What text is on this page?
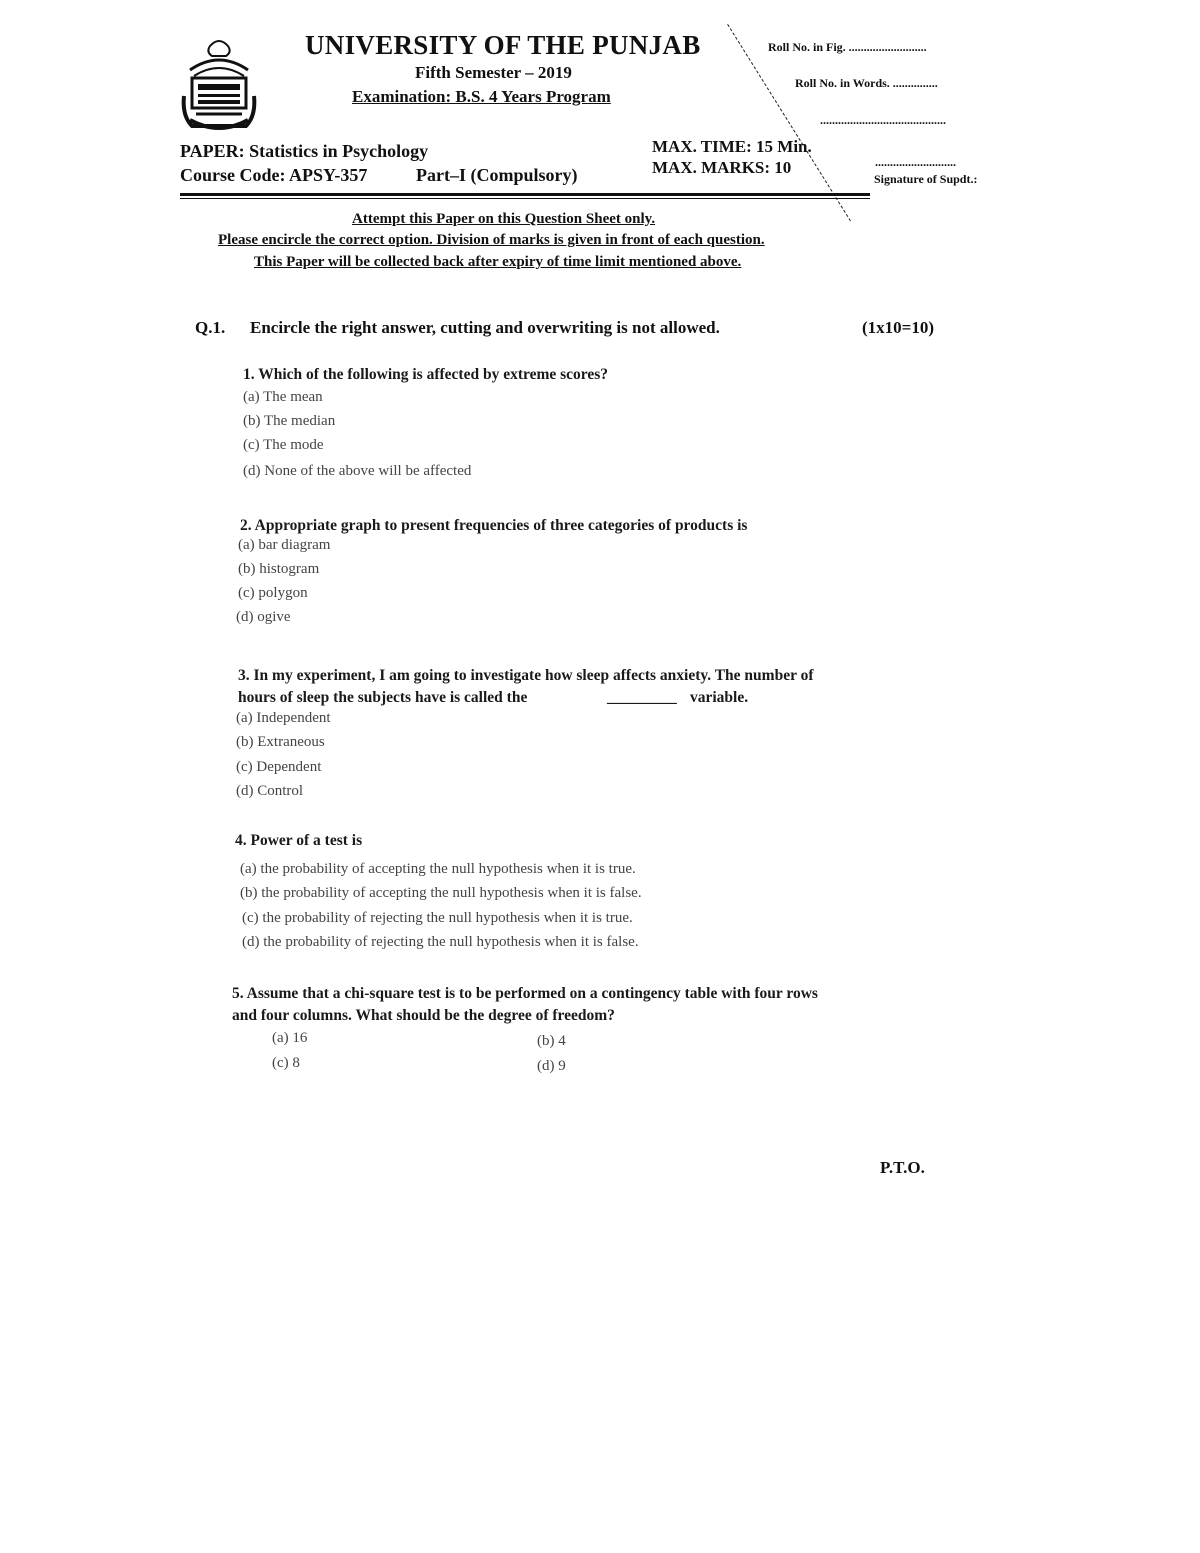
UNIVERSITY OF THE PUNJAB
Fifth Semester – 2019
Examination: B.S. 4 Years Program
Roll No. in Fig. ..........................
Roll No. in Words. ...............
..........................................
...........................
Signature of Supdt.:
PAPER: Statistics in Psychology
Course Code: APSY-357	Part–I (Compulsory)
MAX. TIME: 15 Min.
MAX. MARKS: 10
Attempt this Paper on this Question Sheet only.
Please encircle the correct option. Division of marks is given in front of each question.
This Paper will be collected back after expiry of time limit mentioned above.
Q.1. Encircle the right answer, cutting and overwriting is not allowed.	(1x10=10)
1. Which of the following is affected by extreme scores?
(a) The mean
(b) The median
(c) The mode
(d) None of the above will be affected
2. Appropriate graph to present frequencies of three categories of products is
(a) bar diagram
(b) histogram
(c) polygon
(d) ogive
3. In my experiment, I am going to investigate how sleep affects anxiety. The number of
hours of sleep the subjects have is called the	_________ variable.
(a) Independent
(b) Extraneous
(c) Dependent
(d) Control
4. Power of a test is
(a) the probability of accepting the null hypothesis when it is true.
(b) the probability of accepting the null hypothesis when it is false.
(c) the probability of rejecting the null hypothesis when it is true.
(d) the probability of rejecting the null hypothesis when it is false.
5. Assume that a chi-square test is to be performed on a contingency table with four rows
and four columns. What should be the degree of freedom?
(a) 16	(b) 4
(c) 8	(d) 9
P.T.O.
